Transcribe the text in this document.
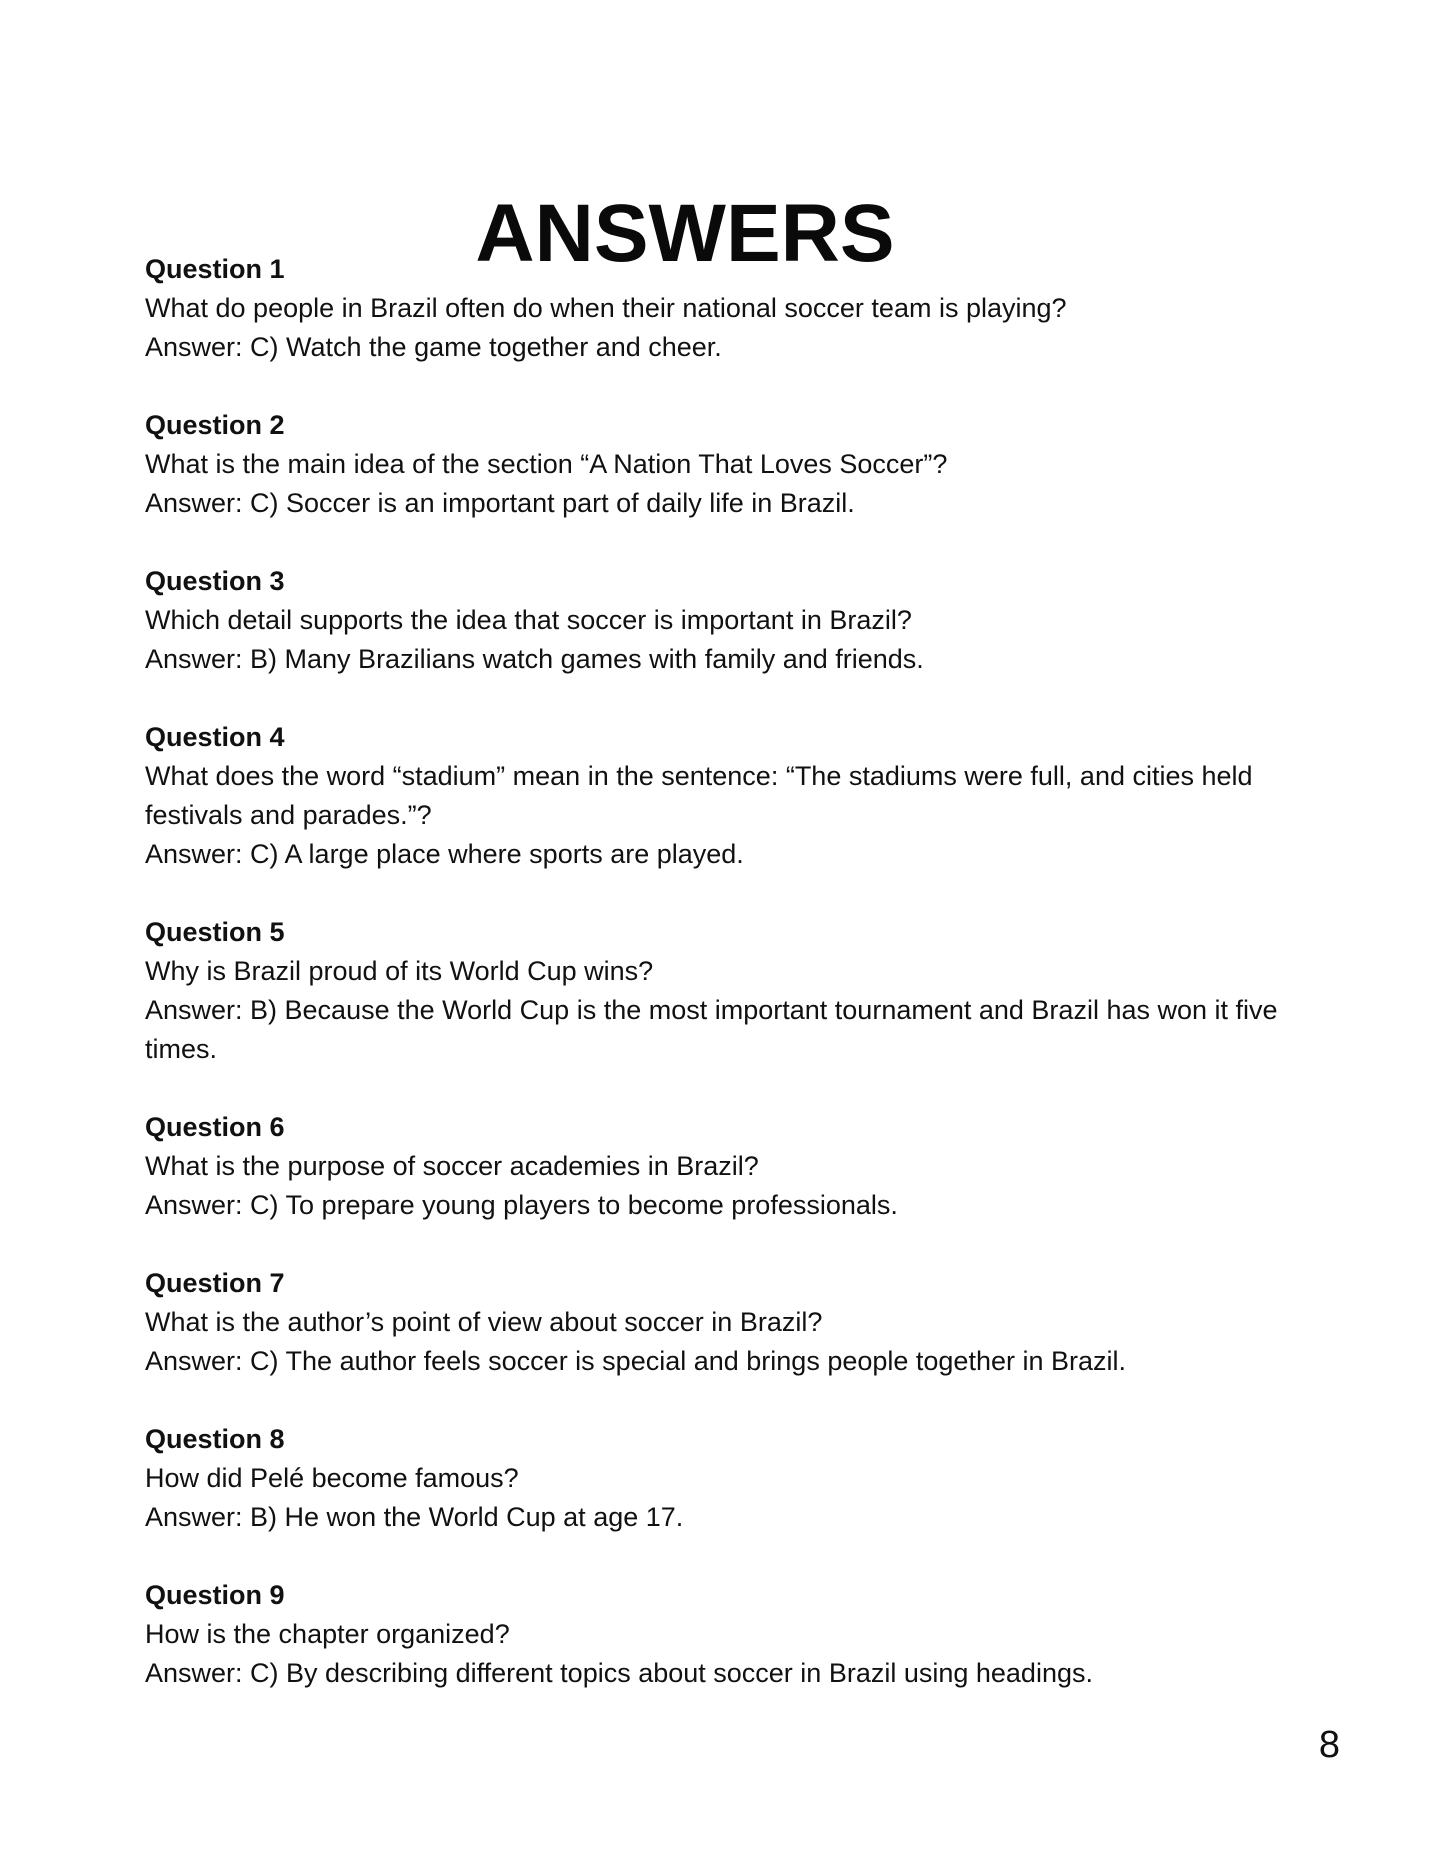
ANSWERS
Question 1
What do people in Brazil often do when their national soccer team is playing?
Answer: C) Watch the game together and cheer.
Question 2
What is the main idea of the section “A Nation That Loves Soccer”?
Answer: C) Soccer is an important part of daily life in Brazil.
Question 3
Which detail supports the idea that soccer is important in Brazil?
Answer: B) Many Brazilians watch games with family and friends.
Question 4
What does the word “stadium” mean in the sentence: “The stadiums were full, and cities held festivals and parades.”?
Answer: C) A large place where sports are played.
Question 5
Why is Brazil proud of its World Cup wins?
Answer: B) Because the World Cup is the most important tournament and Brazil has won it five times.
Question 6
What is the purpose of soccer academies in Brazil?
Answer: C) To prepare young players to become professionals.
Question 7
What is the author’s point of view about soccer in Brazil?
Answer: C) The author feels soccer is special and brings people together in Brazil.
Question 8
How did Pelé become famous?
Answer: B) He won the World Cup at age 17.
Question 9
How is the chapter organized?
Answer: C) By describing different topics about soccer in Brazil using headings.
8
